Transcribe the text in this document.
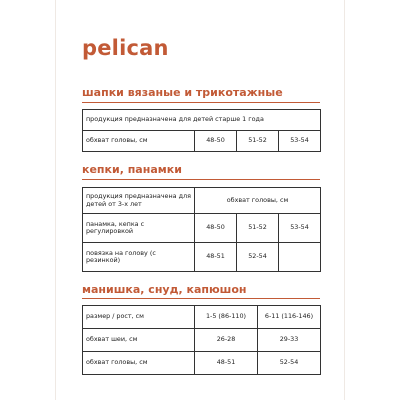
pelican
шапки вязаные и трикотажные
продукция предназначена для детей старше 1 года
обхват головы, см	48-50	51-52	53-54
кепки, панамки
продукция предназначена для детей от 3-х лет	обхват головы, см		
панамка, кепка с регулировкой	48-50	51-52	53-54
повязка на голову (с резинкой)	48-51	52-54	
манишка, снуд, капюшон
размер / рост, см	1-5 (86-110)	6-11 (116-146)
обхват шеи, см	26-28	29-33
обхват головы, см	48-51	52-54
